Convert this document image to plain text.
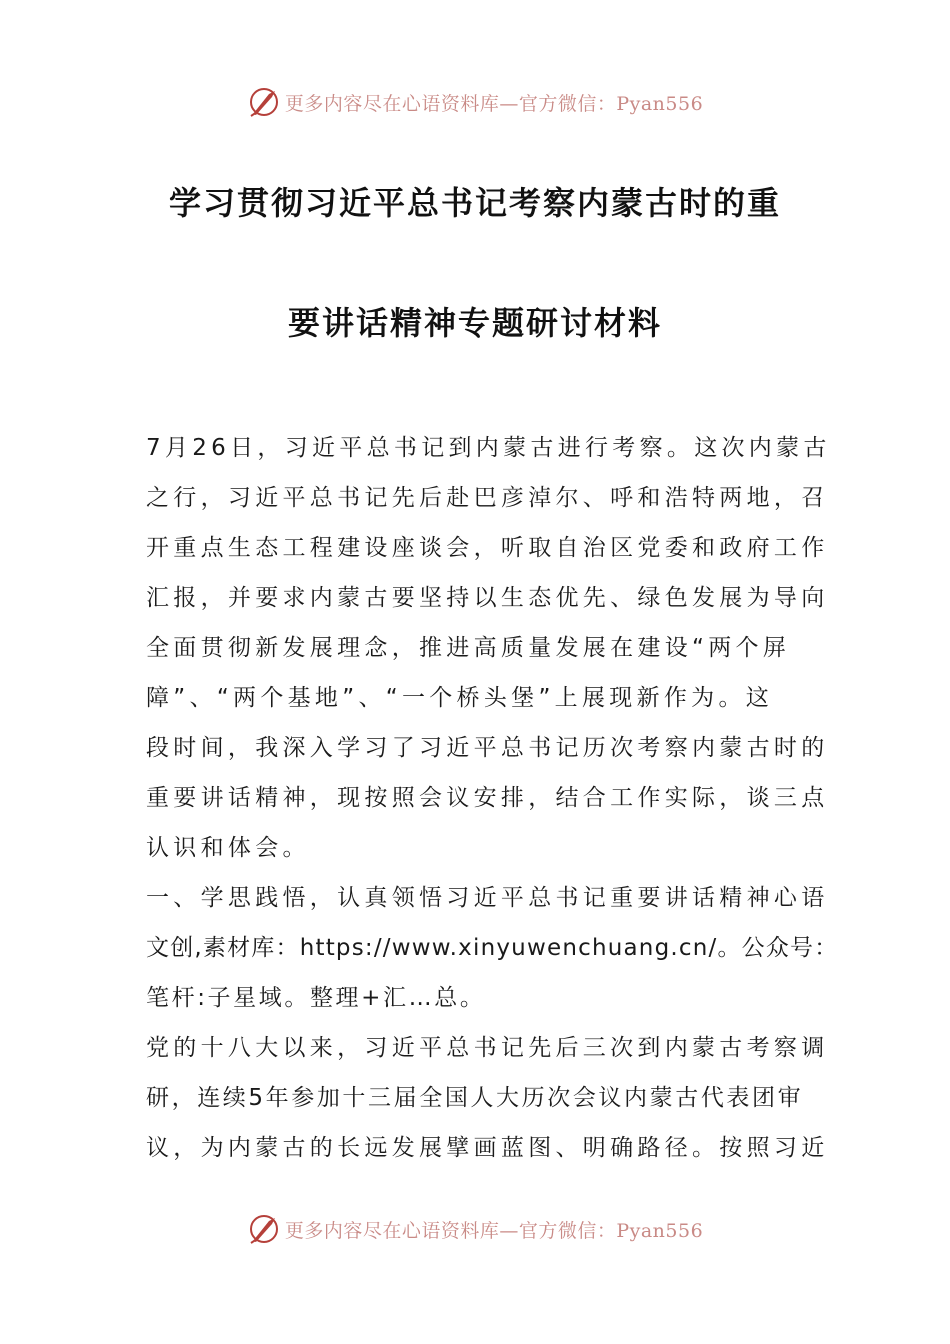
更多内容尽在心语资料库—官方微信：Pyan556
学习贯彻习近平总书记考察内蒙古时的重
要讲话精神专题研讨材料
7月26日，习近平总书记到内蒙古进行考察。这次内蒙古
之行，习近平总书记先后赴巴彦淖尔、呼和浩特两地，召
开重点生态工程建设座谈会，听取自治区党委和政府工作
汇报，并要求内蒙古要坚持以生态优先、绿色发展为导向
全面贯彻新发展理念，推进高质量发展在建设“两个屏
障”、“两个基地”、“一个桥头堡”上展现新作为。这
段时间，我深入学习了习近平总书记历次考察内蒙古时的
重要讲话精神，现按照会议安排，结合工作实际，谈三点
认识和体会。
一、学思践悟，认真领悟习近平总书记重要讲话精神心语
文创,素材库：https://www.xinyuwenchuang.cn/。公众号：
笔杆:子星域。整理+汇…总。
党的十八大以来，习近平总书记先后三次到内蒙古考察调
研，连续5年参加十三届全国人大历次会议内蒙古代表团审
议，为内蒙古的长远发展擘画蓝图、明确路径。按照习近
更多内容尽在心语资料库—官方微信：Pyan556
